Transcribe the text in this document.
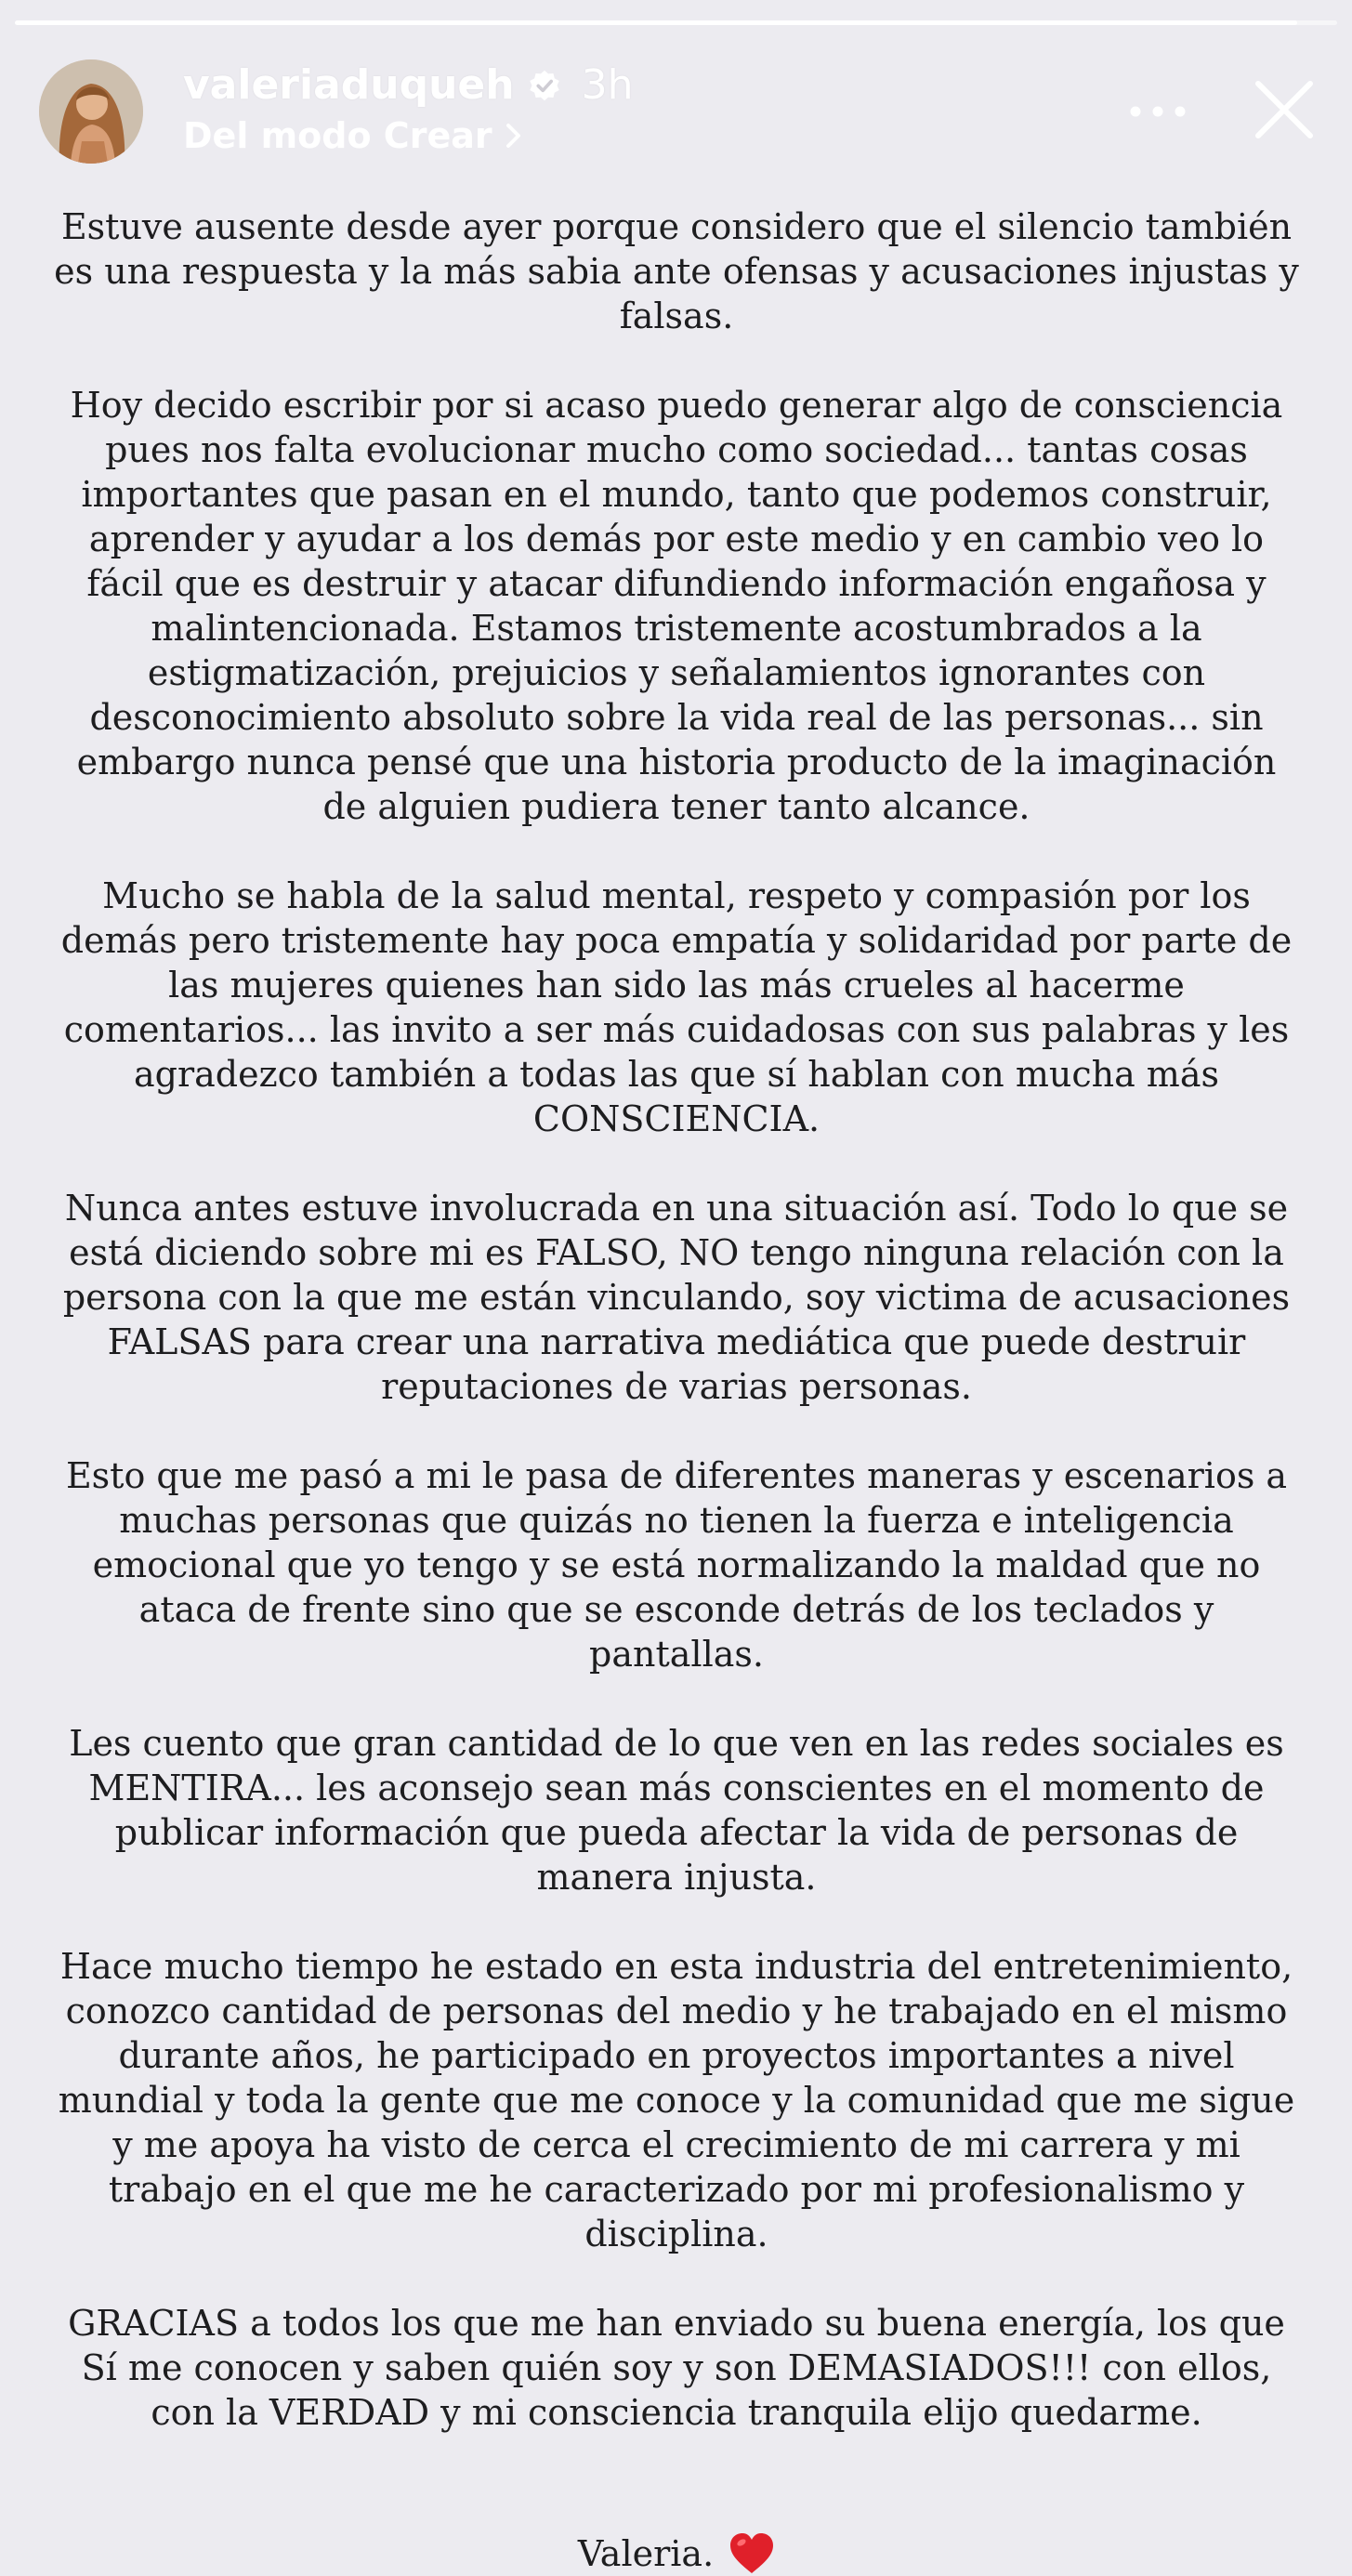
valeriaduqueh 3h
Del modo Crear

Estuve ausente desde ayer porque considero que el silencio también es una respuesta y la más sabia ante ofensas y acusaciones injustas y falsas.

Hoy decido escribir por si acaso puedo generar algo de consciencia pues nos falta evolucionar mucho como sociedad... tantas cosas importantes que pasan en el mundo, tanto que podemos construir, aprender y ayudar a los demás por este medio y en cambio veo lo fácil que es destruir y atacar difundiendo información engañosa y malintencionada. Estamos tristemente acostumbrados a la estigmatización, prejuicios y señalamientos ignorantes con desconocimiento absoluto sobre la vida real de las personas... sin embargo nunca pensé que una historia producto de la imaginación de alguien pudiera tener tanto alcance.

Mucho se habla de la salud mental, respeto y compasión por los demás pero tristemente hay poca empatía y solidaridad por parte de las mujeres quienes han sido las más crueles al hacerme comentarios... las invito a ser más cuidadosas con sus palabras y les agradezco también a todas las que sí hablan con mucha más CONSCIENCIA.

Nunca antes estuve involucrada en una situación así. Todo lo que se está diciendo sobre mi es FALSO, NO tengo ninguna relación con la persona con la que me están vinculando, soy victima de acusaciones FALSAS para crear una narrativa mediática que puede destruir reputaciones de varias personas.

Esto que me pasó a mi le pasa de diferentes maneras y escenarios a muchas personas que quizás no tienen la fuerza e inteligencia emocional que yo tengo y se está normalizando la maldad que no ataca de frente sino que se esconde detrás de los teclados y pantallas.

Les cuento que gran cantidad de lo que ven en las redes sociales es MENTIRA... les aconsejo sean más conscientes en el momento de publicar información que pueda afectar la vida de personas de manera injusta.

Hace mucho tiempo he estado en esta industria del entretenimiento, conozco cantidad de personas del medio y he trabajado en el mismo durante años, he participado en proyectos importantes a nivel mundial y toda la gente que me conoce y la comunidad que me sigue y me apoya ha visto de cerca el crecimiento de mi carrera y mi trabajo en el que me he caracterizado por mi profesionalismo y disciplina.

GRACIAS a todos los que me han enviado su buena energía, los que Sí me conocen y saben quién soy y son DEMASIADOS!!! con ellos, con la VERDAD y mi consciencia tranquila elijo quedarme.

Valeria.
